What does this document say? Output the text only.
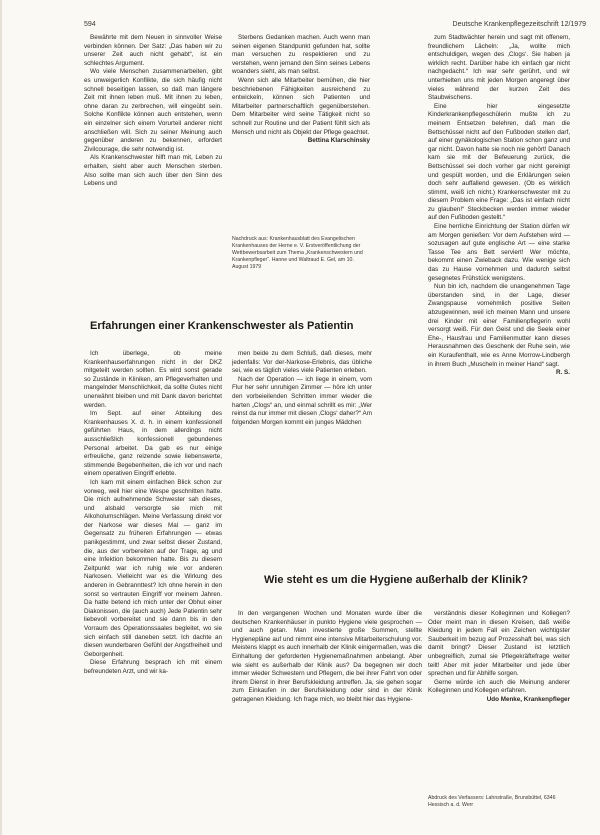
594	Deutsche Krankenpflegezeitschrift 12/1979

Bewährte mit dem Neuen in sinnvoller Weise verbinden können. Der Satz: „Das haben wir zu unserer Zeit auch nicht gehabt“, ist ein schlechtes Argument.

Wo viele Menschen zusammenarbeiten, gibt es unweigerlich Konflikte, die sich häufig nicht schnell beseitigen lassen, so daß man längere Zeit mit ihnen leben muß. Mit ihnen zu leben, ohne daran zu zerbrechen, will eingeübt sein. Solche Konflikte können auch entstehen, wenn ein einzelner sich einem Vorurteil anderer nicht anschließen will. Sich zu seiner Meinung auch gegenüber anderen zu bekennen, erfordert Zivilcourage, die sehr notwendig ist.

Als Krankenschwester hilft man mit, Leben zu erhalten, sieht aber auch Menschen sterben. Also sollte man sich auch über den Sinn des Lebens und

Sterbens Gedanken machen. Auch wenn man seinen eigenen Standpunkt gefunden hat, sollte man versuchen zu respektieren und zu verstehen, wenn jemand den Sinn seines Lebens woanders sieht, als man selbst.

Wenn sich alle Mitarbeiter bemühen, die hier beschriebenen Fähigkeiten ausreichend zu entwickeln, können sich Patienten und Mitarbeiter partnerschaftlich gegenüberstehen. Dem Mitarbeiter wird seine Tätigkeit nicht so schnell zur Routine und der Patient fühlt sich als Mensch und nicht als Objekt der Pflege geachtet.

Bettina Klarschinsky

Nachdruck aus: Krankenhausblatt des Evangelischen Krankenhauses der Herne e. V. Erstveröffentlichung der Wettbewerbsarbeit zum Thema „Krankenschwestern und Krankenpfleger“. Hanne und Waltraud E. Gel, am 10. August 1979

zum Stadtwächter herein und sagt mit offenem, freundlichem Lächeln: „Ja, wollte mich entschuldigen, wegen des ‚Clogs‘. Sie haben ja wirklich recht. Darüber habe ich einfach gar nicht nachgedacht.“ Ich war sehr gerührt, und wir unterhielten uns mit jeden Morgen angeregt über vieles während der kurzen Zeit des Staubwischens.

Eine hier eingesetzte Kinderkrankenpflegeschülerin mußte ich zu meinem Entsetzen belehren, daß man die Bettschüssel nicht auf den Fußboden stellen darf, auf einer gynäkologischen Station schon ganz und gar nicht. Davon hatte sie noch nie gehört! Danach kam sie mit der Befeuerung zurück, die Bettschüssel sei doch vorher gar nicht gereinigt und gespült worden, und die Erklärungen seien doch sehr auffallend gewesen. (Ob es wirklich stimmt, weiß ich nicht.) Krankenschwester mit zu diesem Problem eine Frage: „Das ist einfach nicht zu glauben!“ Steckbecken werden immer wieder auf den Fußboden gestellt.“

Eine herrliche Einrichtung der Station dürfen wir am Morgen genießen: Vor dem Aufstehen wird — sozusagen auf gute englische Art — eine starke Tasse Tee ans Bett serviert! Wer möchte, bekommt einen Zwieback dazu. Wie wenige sich das zu Hause vornehmen und dadurch selbst gesegnetes Frühstück wenigstens.

Nun bin ich, nachdem die unangenehmen Tage überstanden sind, in der Lage, dieser Zwangspause vornehmlich positive Seiten abzugewinnen, weil ich meinen Mann und unsere drei Kinder mit einer Familienpflegerin wohl versorgt weiß. Für den Geist und die Seele einer Ehe-, Hausfrau und Familienmutter kann dieses Herausnahmen des Geschenk der Ruhe sein, wie ein Kuraufenthalt, wie es Anne Morrow-Lindbergh in ihrem Buch „Muscheln in meiner Hand“ sagt.

R. S.

Erfahrungen einer Krankenschwester als Patientin

Ich überlege, ob meine Krankenhauserfahrungen nicht in der DKZ mitgeteilt werden sollten. Es wird sonst gerade so Zustände in Kliniken, am Pflegeverhalten und mangelnder Menschlichkeit, da sollte Gutes nicht unerwähnt bleiben und mit Dank davon berichtet werden.

Im Sept. auf einer Abteilung des Krankenhauses X. d. h. in einem konfessionell geführten Haus, in dem allerdings nicht ausschließlich konfessionell gebundenes Personal arbeitet. Da gab es nur einige erfreuliche, ganz reizende sowie liebenswerte, stimmende Begebenheiten, die ich vor und nach einem operativen Eingriff erlebte.

Ich kam mit einem einfachen Blick schon zur vorweg, weil hier eine Wespe geschnitten hatte. Die mich aufnehmende Schwester sah dieses, und alsbald versorgte sie mich mit Alkoholumschlägen. Meine Verfassung direkt vor der Narkose war dieses Mal — ganz im Gegensatz zu früheren Erfahrungen — etwas panikgestimmt, und zwar selbst dieser Zustand, die, aus der vorbereiten auf der Trage, ag und eine Infektion bekommen hatte. Bis zu diesem Zeitpunkt war ich ruhig wie vor anderen Narkosen. Vielleicht war es die Wirkung des anderen in Gebrannttest? Ich ohne herein in den sonst so vertrauten Eingriff vor meinem Jahren. Da hatte betend ich mich unter der Obhut einer Diakonissen, die (auch auch) Jede Patientin sehr liebevoll vorbereitet und sie dann bis in den Vorraum des Operationssaales begleitet, wo sie sich einfach still daneben setzt. Ich dachte an diesen wunderbaren Gefühl der Angstfreiheit und Geborgenheit.

Diese Erfahrung besprach ich mit einem befreundeten Arzt, und wir ka-

men beide zu dem Schluß, daß dieses, mehr jedenfalls: Vor der-Narkose-Erlebnis, das übliche sei, wie es täglich vieles viele Patienten erleben.

Nach der Operation — ich liege in einem, vom Flur her sehr unruhigen Zimmer — höre ich unter den vorbeieilenden Schritten immer wieder die harten „Clogs“ an, und einmal schrillt es mir: „Wer reinst da nur immer mit diesen ‚Clogs‘ daher?“ Am folgenden Morgen kommt ein junges Mädchen

Wie steht es um die Hygiene außerhalb der Klinik?

In den vergangenen Wochen und Monaten wurde über die deutschen Krankenhäuser in punkto Hygiene viele gesprochen — und auch getan. Man investierte große Summen, stellte Hygienepläne auf und nimmt eine intensive Mitarbeiterschulung vor. Meistens klappt es auch innerhalb der Klinik einigermaßen, was die Einhaltung der geforderten Hygienemaßnahmen anbelangt. Aber wie sieht es außerhalb der Klinik aus? Da begegnen wir doch immer wieder Schwestern und Pflegern, die bei ihrer Fahrt von oder ihrem Dienst in ihrer Berufskleidung antreffen. Ja, sie gehen sogar zum Einkaufen in der Berufskleidung oder sind in der Klinik getragenen Kleidung. Ich frage mich, wo bleibt hier das Hygiene-

verständnis dieser Kolleginnen und Kollegen? Oder meint man in diesen Kreisen, daß weiße Kleidung in jedem Fall ein Zeichen wichtigster Sauberkeit im bezug auf Prozesshaft bei, was sich damit bringt? Dieser Zustand ist letztlich unbegreiflich, zumal sie Pflegekräftefrage weiter teilt! Aber mit jeder Mitarbeiter und jede über sprechen und für Abhilfe sorgen.

Gerne würde ich auch die Meinung anderer Kolleginnen und Kollegen erfahren.

Udo Menke, Krankenpfleger

Abdruck des Verfassers: Lahnstraße, Brunsbüttel, 6346 Hessisch a. d. Werr
